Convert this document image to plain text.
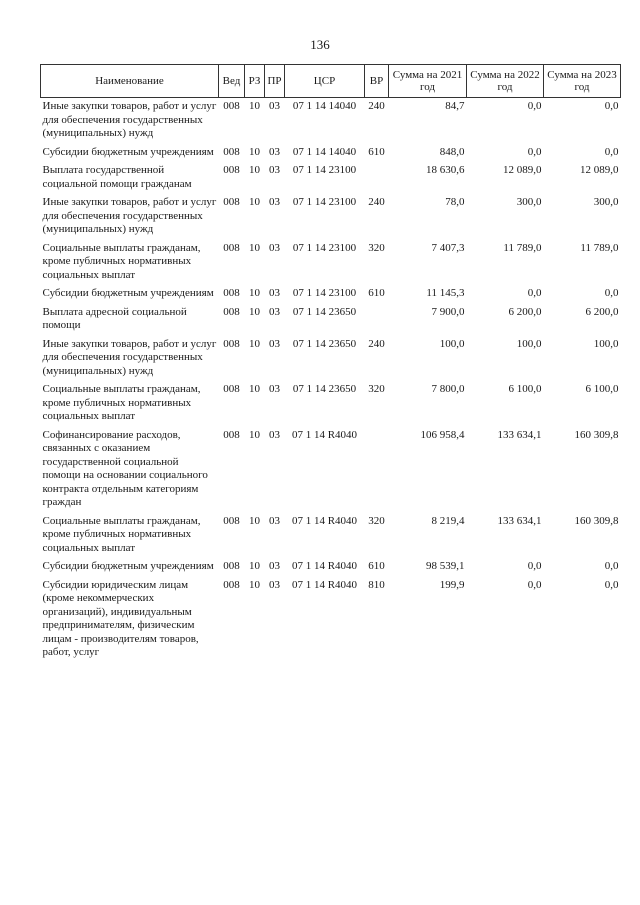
136
Наименование	Вед	РЗ	ПР	ЦСР	ВР	Сумма на 2021 год	Сумма на 2022 год	Сумма на 2023 год
Иные закупки товаров, работ и услуг для обеспечения государственных (муниципальных) нужд	008	10	03	07 1 14 14040	240	84,7	0,0	0,0
Субсидии бюджетным учреждениям	008	10	03	07 1 14 14040	610	848,0	0,0	0,0
Выплата государственной социальной помощи гражданам	008	10	03	07 1 14 23100		18 630,6	12 089,0	12 089,0
Иные закупки товаров, работ и услуг для обеспечения государственных (муниципальных) нужд	008	10	03	07 1 14 23100	240	78,0	300,0	300,0
Социальные выплаты гражданам, кроме публичных нормативных социальных выплат	008	10	03	07 1 14 23100	320	7 407,3	11 789,0	11 789,0
Субсидии бюджетным учреждениям	008	10	03	07 1 14 23100	610	11 145,3	0,0	0,0
Выплата адресной социальной помощи	008	10	03	07 1 14 23650		7 900,0	6 200,0	6 200,0
Иные закупки товаров, работ и услуг для обеспечения государственных (муниципальных) нужд	008	10	03	07 1 14 23650	240	100,0	100,0	100,0
Социальные выплаты гражданам, кроме публичных нормативных социальных выплат	008	10	03	07 1 14 23650	320	7 800,0	6 100,0	6 100,0
Софинансирование расходов, связанных с оказанием государственной социальной помощи на основании социального контракта отдельным категориям граждан	008	10	03	07 1 14 R4040		106 958,4	133 634,1	160 309,8
Социальные выплаты гражданам, кроме публичных нормативных социальных выплат	008	10	03	07 1 14 R4040	320	8 219,4	133 634,1	160 309,8
Субсидии бюджетным учреждениям	008	10	03	07 1 14 R4040	610	98 539,1	0,0	0,0
Субсидии юридическим лицам (кроме некоммерческих организаций), индивидуальным предпринимателям, физическим лицам - производителям товаров, работ, услуг	008	10	03	07 1 14 R4040	810	199,9	0,0	0,0
